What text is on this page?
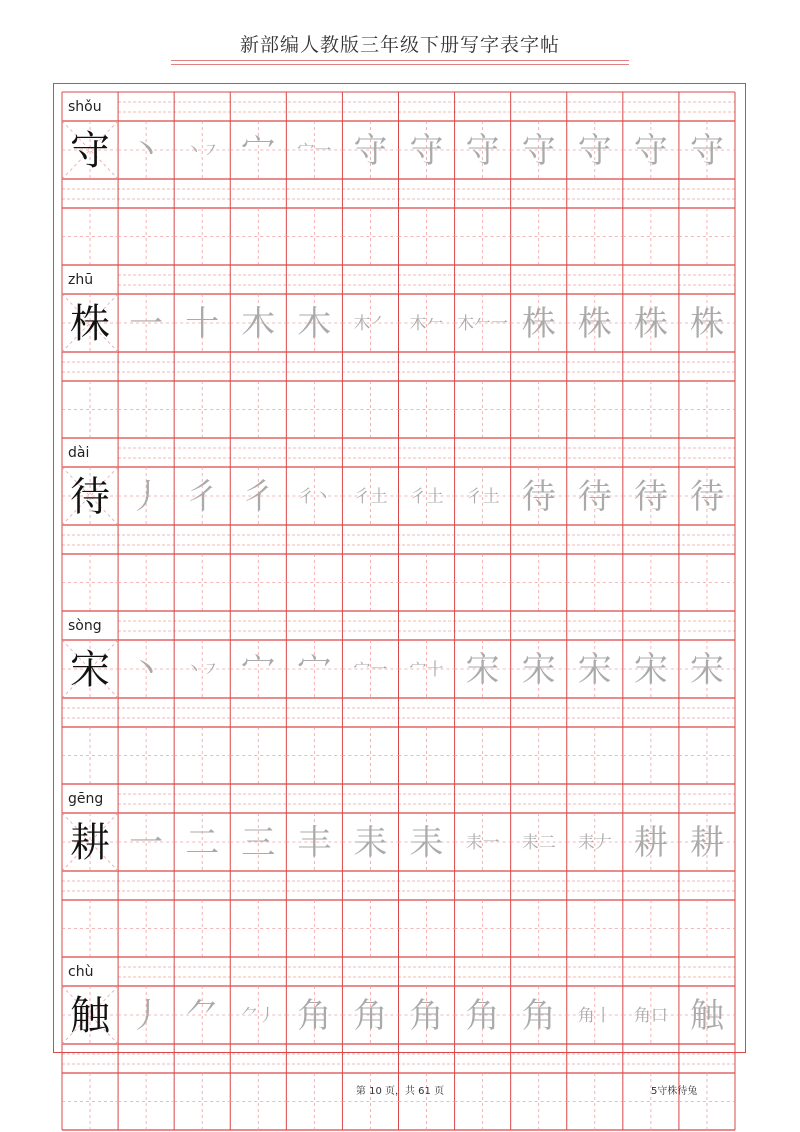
新部编人教版三年级下册写字表字帖
shǒu
守 丶 丶㇇ 宀 宀一 守 守 守 守 守 守 守
zhū
株 一 十 木 木 木㇒ 木𠂉 木𠂉一 株 株 株 株
dài
待 丿 彳 彳 彳丶 彳土 彳土 彳土 待 待 待 待
sòng
宋 丶 丶㇇ 宀 宀 宀一 宀十 宋 宋 宋 宋 宋
gēng
耕 一 二 三 丰 耒 耒 耒一 耒二 耒𠂇 耕 耕
chù
触 丿 ⺈ ⺈丿 角 角 角 角 角 角丨 角口 触
第 10 页，共 61 页	5守株待兔
